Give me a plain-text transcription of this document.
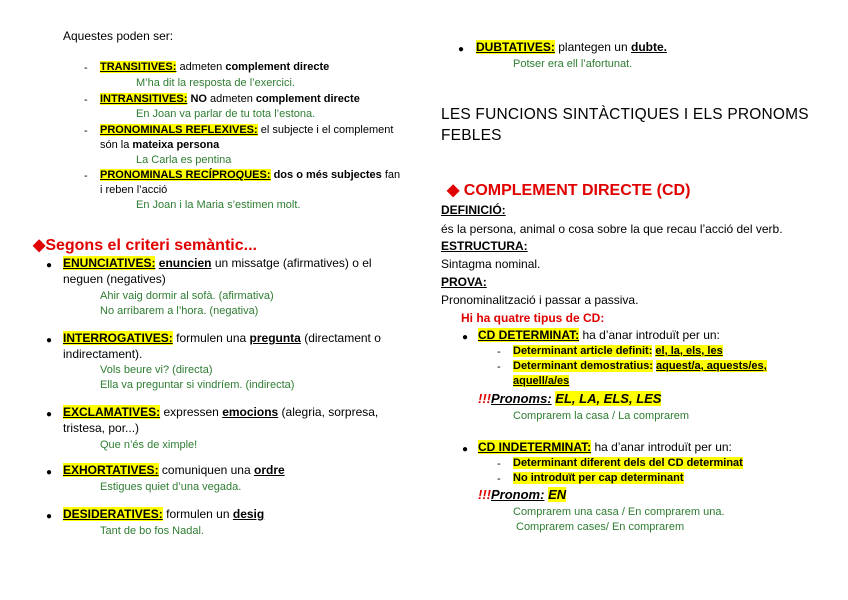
Aquestes poden ser:
- TRANSITIVES: admeten complement directe
M’ha dit la resposta de l’exercici.
- INTRANSITIVES: NO admeten complement directe
En Joan va parlar de tu tota l’estona.
- PRONOMINALS REFLEXIVES: el subjecte i el complement
són la mateixa persona
La Carla es pentina
- PRONOMINALS RECÍPROQUES: dos o més subjectes fan
i reben l’acció
En Joan i la Maria s’estimen molt.
◆Segons el criteri semàntic...
● ENUNCIATIVES: enuncien un missatge (afirmatives) o el
neguen (negatives)
Ahir vaig dormir al sofà. (afirmativa)
No arribarem a l’hora. (negativa)
● INTERROGATIVES: formulen una pregunta (directament o
indirectament).
Vols beure vi? (directa)
Ella va preguntar si vindríem. (indirecta)
● EXCLAMATIVES: expressen emocions (alegria, sorpresa,
tristesa, por...)
Que n’és de ximple!
● EXHORTATIVES: comuniquen una ordre
Estigues quiet d’una vegada.
● DESIDERATIVES: formulen un desig
Tant de bo fos Nadal.
● DUBTATIVES: plantegen un dubte.
Potser era ell l’afortunat.
LES FUNCIONS SINTÀCTIQUES I ELS PRONOMS
FEBLES
◆ COMPLEMENT DIRECTE (CD)
DEFINICIÓ:
és la persona, animal o cosa sobre la que recau l’acció del verb.
ESTRUCTURA:
Sintagma nominal.
PROVA:
Pronominalització i passar a passiva.
Hi ha quatre tipus de CD:
● CD DETERMINAT: ha d’anar introduït per un:
- Determinant article definit: el, la, els, les
- Determinant demostratius: aquest/a, aquests/es,
aquell/a/es
!!!Pronoms: EL, LA, ELS, LES
Comprarem la casa / La comprarem
● CD INDETERMINAT: ha d’anar introduït per un:
- Determinant diferent dels del CD determinat
- No introduït per cap determinant
!!!Pronom: EN
Comprarem una casa / En comprarem una.
Comprarem cases/ En comprarem
